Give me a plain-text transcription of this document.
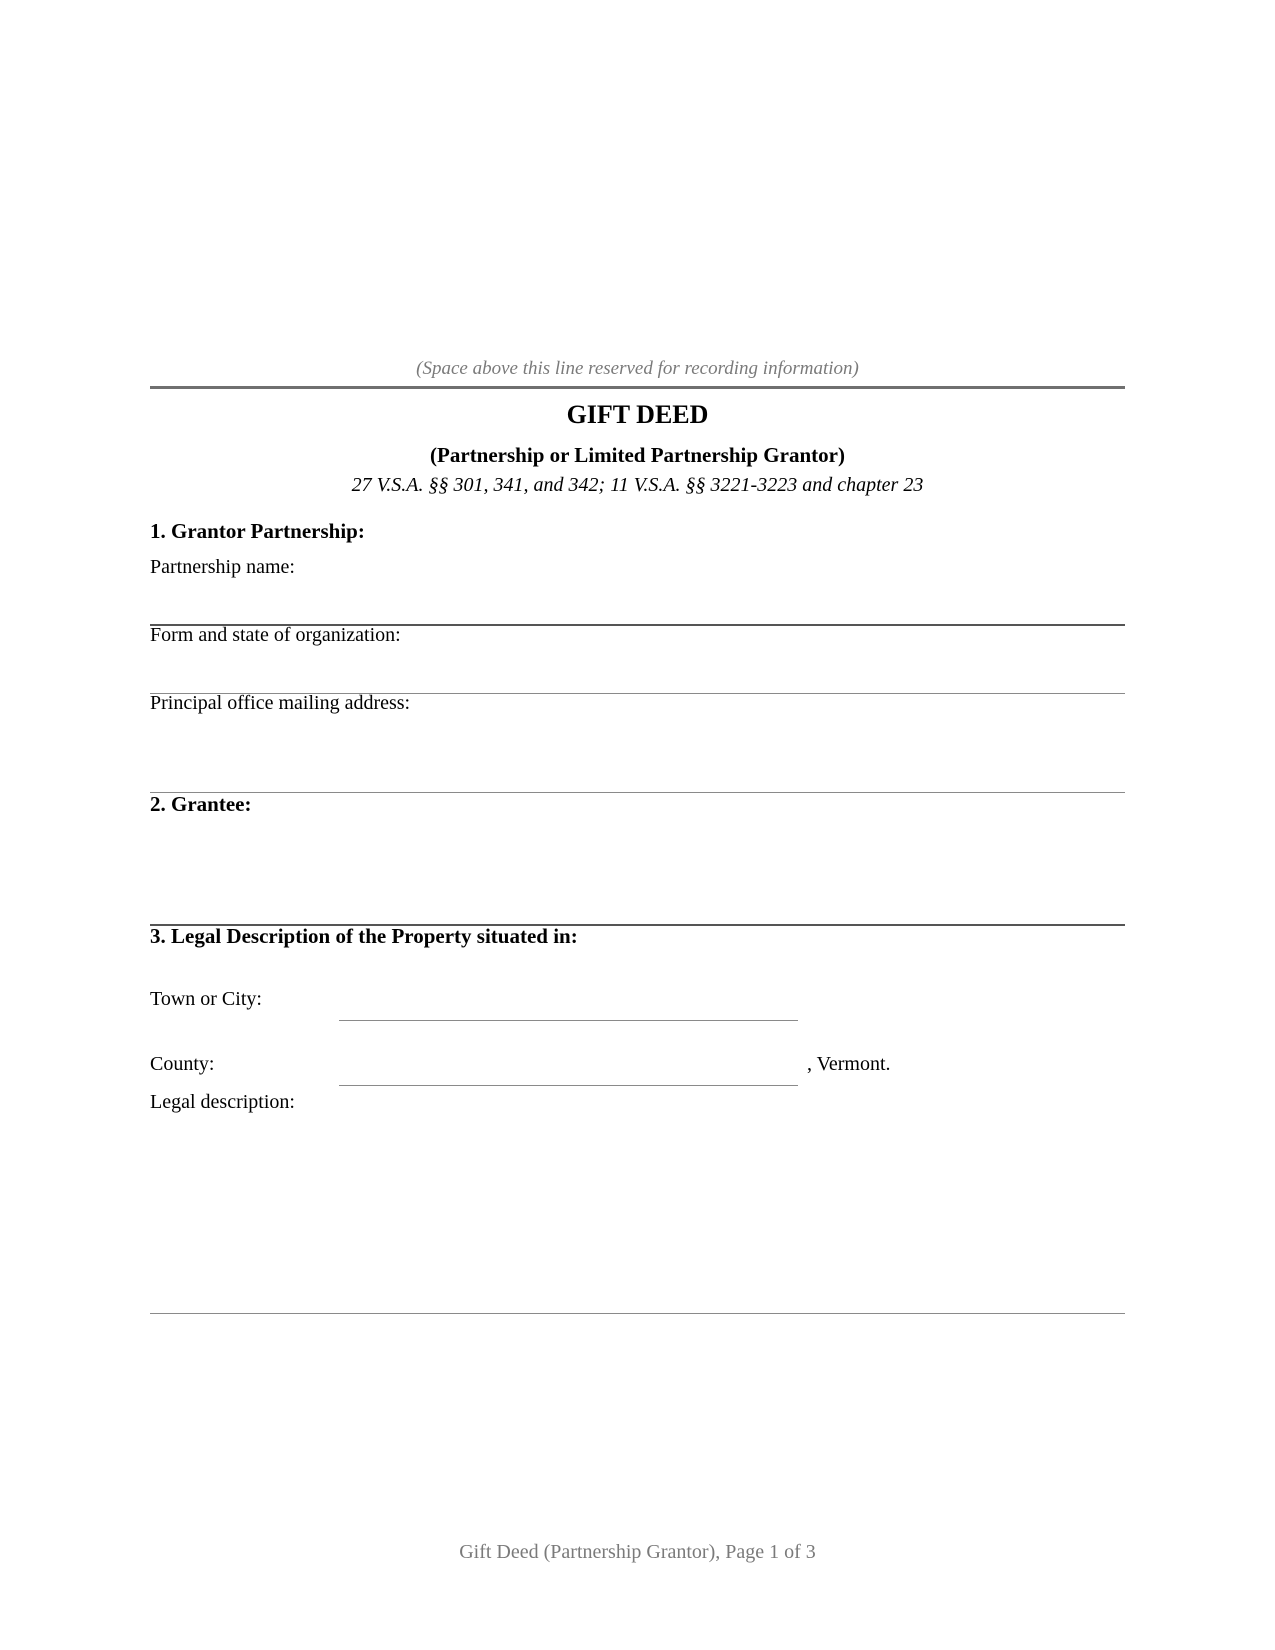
(Space above this line reserved for recording information)
GIFT DEED
(Partnership or Limited Partnership Grantor)
27 V.S.A. §§ 301, 341, and 342; 11 V.S.A. §§ 3221-3223 and chapter 23
1. Grantor Partnership:
Partnership name:
Form and state of organization:
Principal office mailing address:
2. Grantee:
3. Legal Description of the Property situated in:
Town or City:
County:	, Vermont.
Legal description:
Gift Deed (Partnership Grantor), Page 1 of 3
